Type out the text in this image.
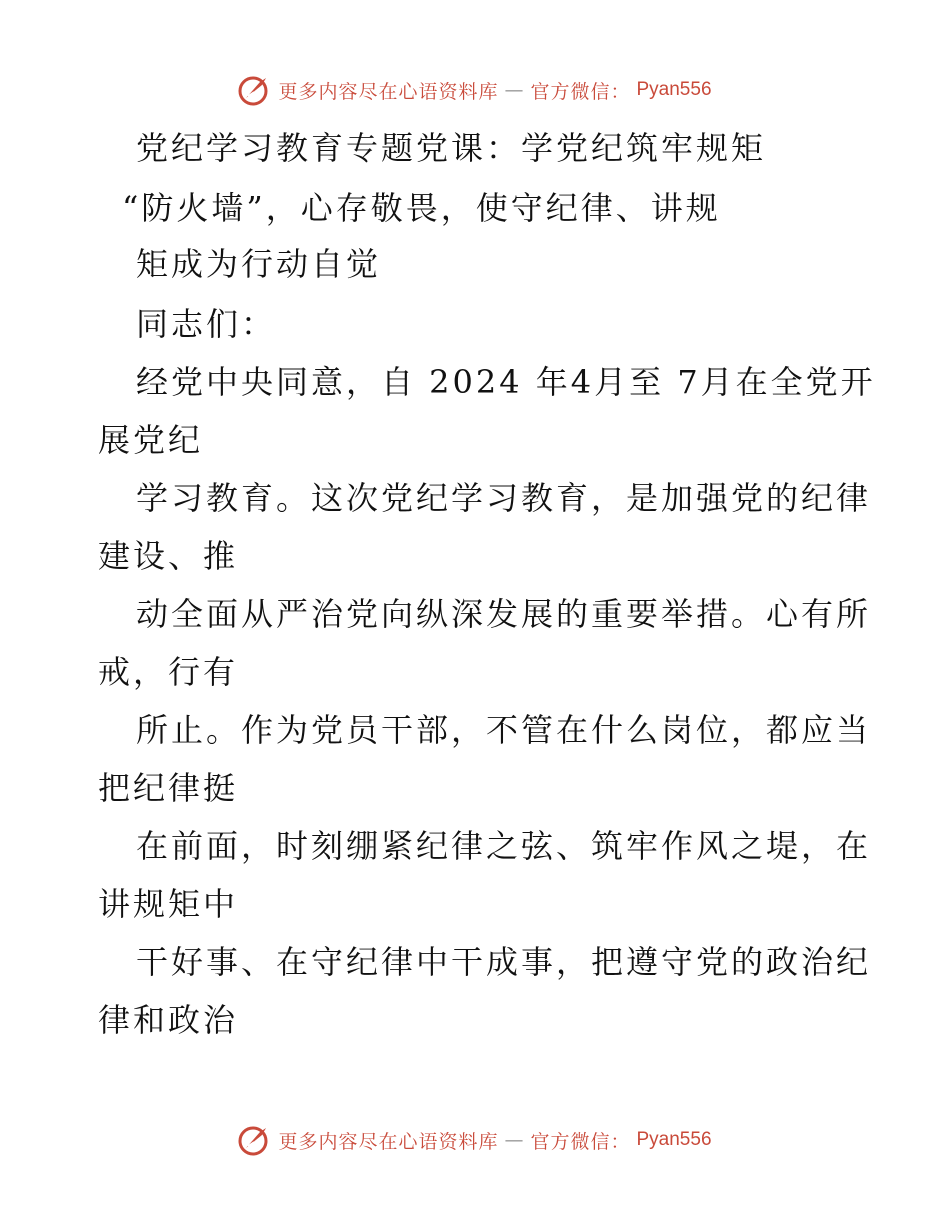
更多内容尽在心语资料库 — 官方微信： Pyan556
党纪学习教育专题党课：学党纪筑牢规矩
“防火墙”，心存敬畏，使守纪律、讲规
矩成为行动自觉
同志们：
经党中央同意，自 2024 年4月至 7月在全党开
展党纪
学习教育。这次党纪学习教育，是加强党的纪律
建设、推
动全面从严治党向纵深发展的重要举措。心有所
戒，行有
所止。作为党员干部，不管在什么岗位，都应当
把纪律挺
在前面，时刻绷紧纪律之弦、筑牢作风之堤，在
讲规矩中
干好事、在守纪律中干成事，把遵守党的政治纪
律和政治
更多内容尽在心语资料库 — 官方微信： Pyan556
